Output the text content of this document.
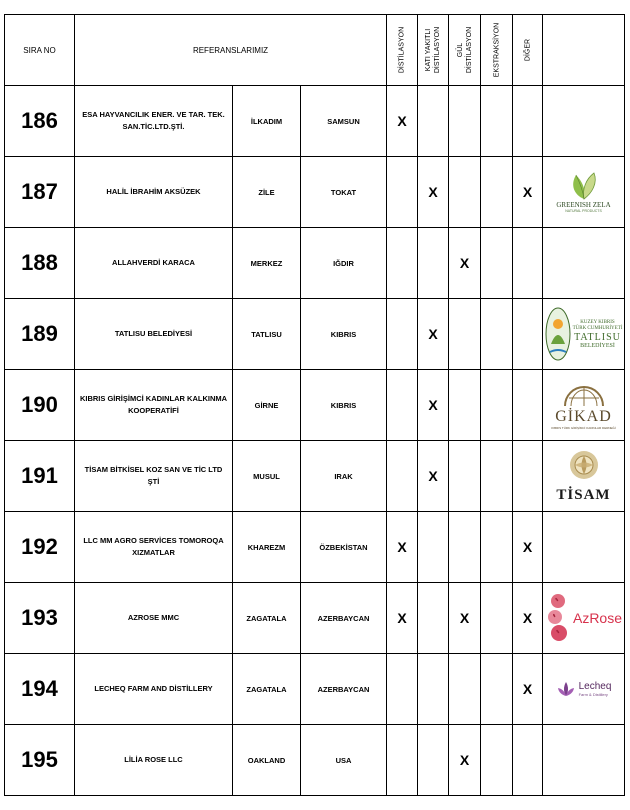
SIRA NO	REFERANSLARIMIZ			DİSTİLASYON	KATI YAKITLI DİSTİLASYON	GÜL DİSTİLASYON	EKSTRAKSİYON	DİĞER	

186	ESA HAYVANCILIK ENER. VE TAR. TEK. SAN.TİC.LTD.ŞTİ.	İLKADIM	SAMSUN	X					
187	HALİL İBRAHİM AKSÜZEK	ZİLE	TOKAT		X			X	GREENISH ZELA
NATURAL PRODUCTS

188	ALLAHVERDİ KARACA	MERKEZ	IĞDIR			X			
189	TATLISU BELEDİYESİ	TATLISU	KIBRIS		X				KUZEY KIBRIS
TÜRK CUMHURİYETİ
TATLISU
BELEDİYESİ

190	KIBRIS GİRİŞİMCİ KADINLAR KALKINMA KOOPERATİFİ	GİRNE	KIBRIS		X				GİKAD
KIBRIS TÜRK GİRİŞİMCİ KADINLAR DERNEĞİ

191	TİSAM BİTKİSEL KOZ SAN VE TİC LTD ŞTİ	MUSUL	IRAK		X				TİSAM

192	LLC MM AGRO SERVİCES TOMOROQA XIZMATLAR	KHAREZM	ÖZBEKİSTAN	X				X	
193	AZROSE MMC	ZAGATALA	AZERBAYCAN	X		X		X	AzRose

194	LECHEQ FARM AND DİSTİLLERY	ZAGATALA	AZERBAYCAN					X	Lecheq
Farm & Distillery

195	LİLİA ROSE LLC	OAKLAND	USA			X			
